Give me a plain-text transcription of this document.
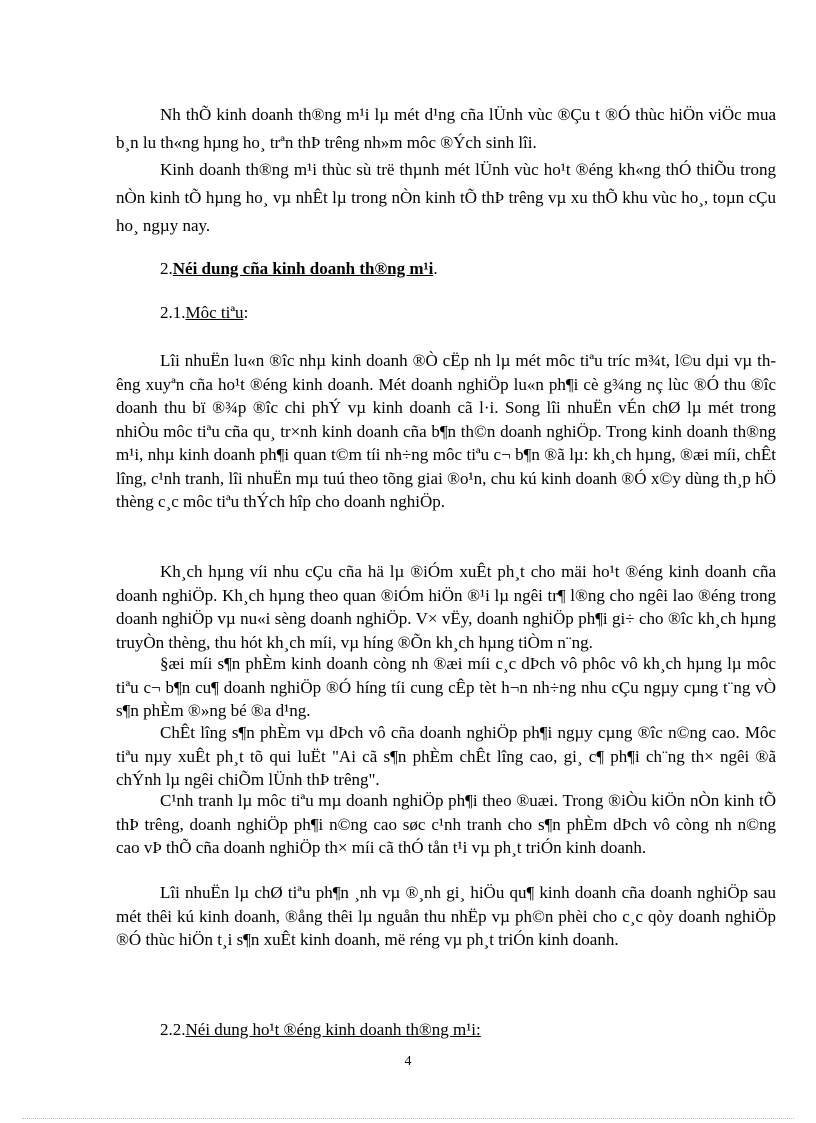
Nh thÕ kinh doanh th®ng m¹i lµ mét d¹ng cña lÜnh vùc ®Çu t ®Ó thùc hiÖn viÖc mua b¸n lu th«ng hµng ho¸ trªn thÞ trêng nh»m môc ®Ých sinh lîi.

Kinh doanh th®ng m¹i thùc sù trë thµnh mét lÜnh vùc ho¹t ®éng kh«ng thÓ thiÕu trong nÒn kinh tÕ hµng ho¸ vµ nhÊt lµ trong nÒn kinh tÕ thÞ trêng vµ xu thÕ khu vùc ho¸, toµn cÇu ho¸ ngµy nay.

2.Néi dung cña kinh doanh th®ng m¹i.
2.1.Môc tiªu:

Lîi nhuËn lu«n ®îc nhµ kinh doanh ®Ò cËp nh lµ mét môc tiªu tríc m¾t, l©u dµi vµ thêng xuyªn cña ho¹t ®éng kinh doanh. Mét doanh nghiÖp lu«n ph¶i cè g¾ng nç lùc ®Ó thu ®îc doanh thu bï ®¾p ®îc chi phÝ vµ kinh doanh cã l·i. Song lîi nhuËn vÉn chØ lµ mét trong nhiÒu môc tiªu cña qu¸ tr×nh kinh doanh cña b¶n th©n doanh nghiÖp. Trong kinh doanh th®ng m¹i, nhµ kinh doanh ph¶i quan t©m tíi nh÷ng môc tiªu c¬ b¶n ®ã lµ: kh¸ch hµng, ®æi míi, chÊt lîng, c¹nh tranh, lîi nhuËn mµ tuú theo tõng giai ®o¹n, chu kú kinh doanh ®Ó x©y dùng th¸p hÖ thèng c¸c môc tiªu thÝch hîp cho doanh nghiÖp.

Kh¸ch hµng víi nhu cÇu cña hä lµ ®iÓm xuÊt ph¸t cho mäi ho¹t ®éng kinh doanh cña doanh nghiÖp. Kh¸ch hµng theo quan ®iÓm hiÖn ®¹i lµ ngêi tr¶ l®ng cho ngêi lao ®éng trong doanh nghiÖp vµ nu«i sèng doanh nghiÖp. V× vËy, doanh nghiÖp ph¶i gi÷ cho ®îc kh¸ch hµng truyÒn thèng, thu hót kh¸ch míi, vµ híng ®Õn kh¸ch hµng tiÒm n¨ng.

§æi míi s¶n phÈm kinh doanh còng nh ®æi míi c¸c dÞch vô phôc vô kh¸ch hµng lµ môc tiªu c¬ b¶n cu¶ doanh nghiÖp ®Ó híng tíi cung cÊp tèt h¬n nh÷ng nhu cÇu ngµy cµng t¨ng vÒ s¶n phÈm ®»ng bé ®a d¹ng.

ChÊt lîng s¶n phÈm vµ dÞch vô cña doanh nghiÖp ph¶i ngµy cµng ®îc n©ng cao. Môc tiªu nµy xuÊt ph¸t tõ qui luËt "Ai cã s¶n phÈm chÊt lîng cao, gi¸ c¶ ph¶i ch¨ng th× ngêi ®ã chÝnh lµ ngêi chiÕm lÜnh thÞ trêng".

C¹nh tranh lµ môc tiªu mµ doanh nghiÖp ph¶i theo ®uæi. Trong ®iÒu kiÖn nÒn kinh tÕ thÞ trêng, doanh nghiÖp ph¶i n©ng cao søc c¹nh tranh cho s¶n phÈm dÞch vô còng nh n©ng cao vÞ thÕ cña doanh nghiÖp th× míi cã thÓ tån t¹i vµ ph¸t triÓn kinh doanh.

Lîi nhuËn lµ chØ tiªu ph¶n ¸nh vµ ®¸nh gi¸ hiÖu qu¶ kinh doanh cña doanh nghiÖp sau mét thêi kú kinh doanh, ®ång thêi lµ nguån thu nhËp vµ ph©n phèi cho c¸c qòy doanh nghiÖp ®Ó thùc hiÖn t¸i s¶n xuÊt kinh doanh, më réng vµ ph¸t triÓn kinh doanh.

2.2.Néi dung ho¹t ®éng kinh doanh th®ng m¹i:
4
